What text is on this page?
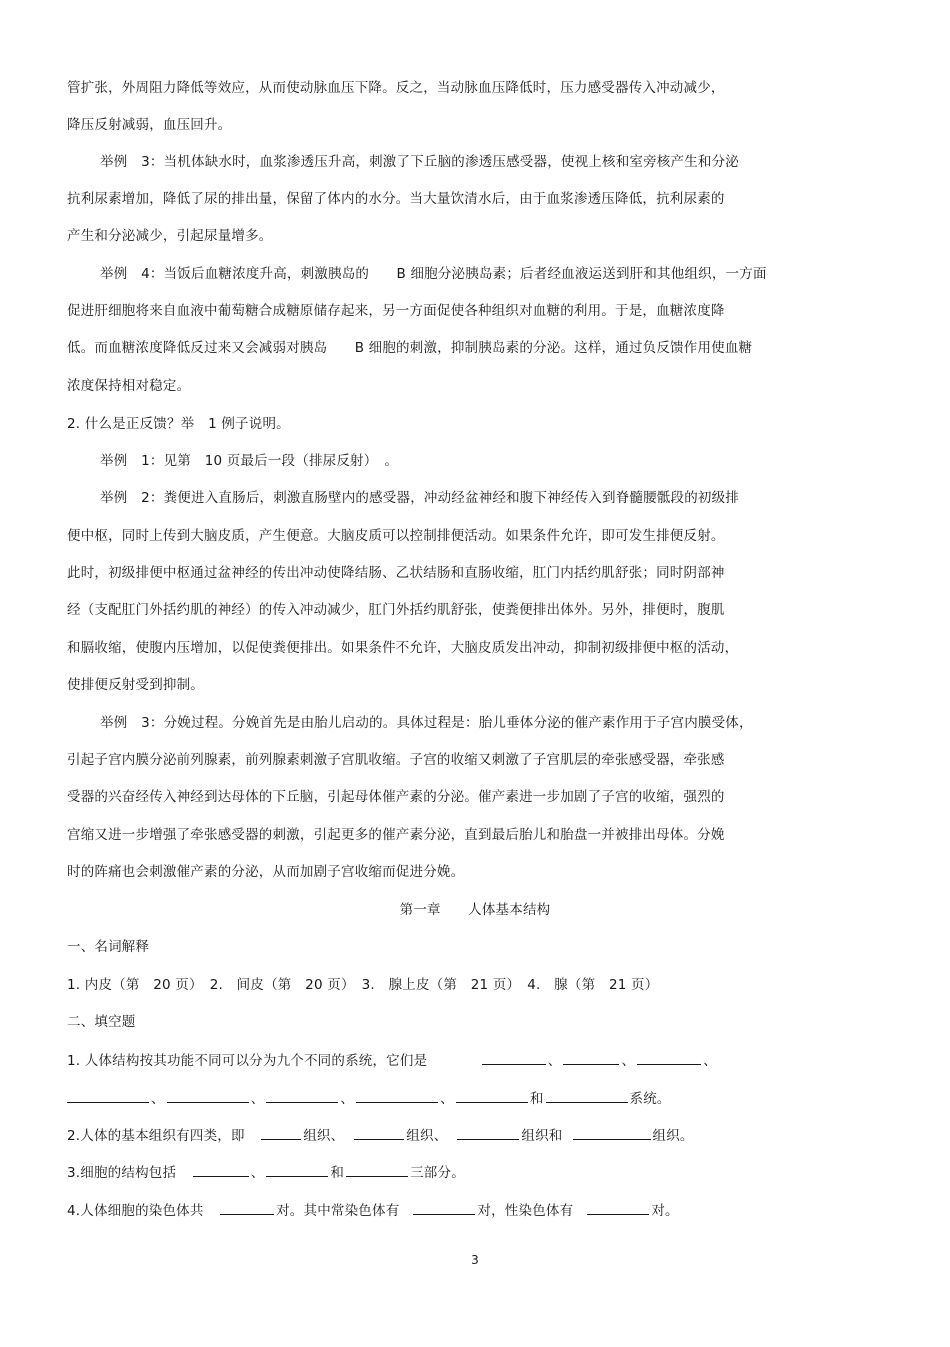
管扩张，外周阻力降低等效应，从而使动脉血压下降。反之，当动脉血压降低时，压力感受器传入冲动减少，
降压反射减弱，血压回升。
举例　3：当机体缺水时，血浆渗透压升高，刺激了下丘脑的渗透压感受器，使视上核和室旁核产生和分泌
抗利尿素增加，降低了尿的排出量，保留了体内的水分。当大量饮清水后，由于血浆渗透压降低，抗利尿素的
产生和分泌减少，引起尿量增多。
举例　4：当饭后血糖浓度升高，刺激胰岛的　　B 细胞分泌胰岛素；后者经血液运送到肝和其他组织，一方面
促进肝细胞将来自血液中葡萄糖合成糖原储存起来，另一方面促使各种组织对血糖的利用。于是，血糖浓度降
低。而血糖浓度降低反过来又会减弱对胰岛　　B 细胞的刺激，抑制胰岛素的分泌。这样，通过负反馈作用使血糖
浓度保持相对稳定。
2. 什么是正反馈？举　1 例子说明。
举例　1：见第　10 页最后一段（排尿反射）　。
举例　2：粪便进入直肠后，刺激直肠壁内的感受器，冲动经盆神经和腹下神经传入到脊髓腰骶段的初级排
便中枢，同时上传到大脑皮质，产生便意。大脑皮质可以控制排便活动。如果条件允许，即可发生排便反射。
此时，初级排便中枢通过盆神经的传出冲动使降结肠、乙状结肠和直肠收缩，肛门内括约肌舒张；同时阴部神
经（支配肛门外括约肌的神经）的传入冲动减少，肛门外括约肌舒张，使粪便排出体外。另外，排便时，腹肌
和膈收缩，使腹内压增加，以促使粪便排出。如果条件不允许，大脑皮质发出冲动，抑制初级排便中枢的活动，
使排便反射受到抑制。
举例　3：分娩过程。分娩首先是由胎儿启动的。具体过程是：胎儿垂体分泌的催产素作用于子宫内膜受体，
引起子宫内膜分泌前列腺素，前列腺素刺激子宫肌收缩。子宫的收缩又刺激了子宫肌层的牵张感受器，牵张感
受器的兴奋经传入神经到达母体的下丘脑，引起母体催产素的分泌。催产素进一步加剧了子宫的收缩，强烈的
宫缩又进一步增强了牵张感受器的刺激，引起更多的催产素分泌，直到最后胎儿和胎盘一并被排出母体。分娩
时的阵痛也会刺激催产素的分泌，从而加剧子宫收缩而促进分娩。
第一章　　人体基本结构
一、名词解释
1. 内皮（第　20 页）　2.　间皮（第　20 页）　3.　腺上皮（第　21 页）　4.　腺（第　21 页）
二、填空题
1. 人体结构按其功能不同可以分为九个不同的系统，它们是	、	、	、
、	、	、	、	和	系统。
2.人体的基本组织有四类，即	组织、	组织、	组织和	组织。
3.细胞的结构包括	、	和	三部分。
4.人体细胞的染色体共	对。其中常染色体有	对，性染色体有	对。
3
